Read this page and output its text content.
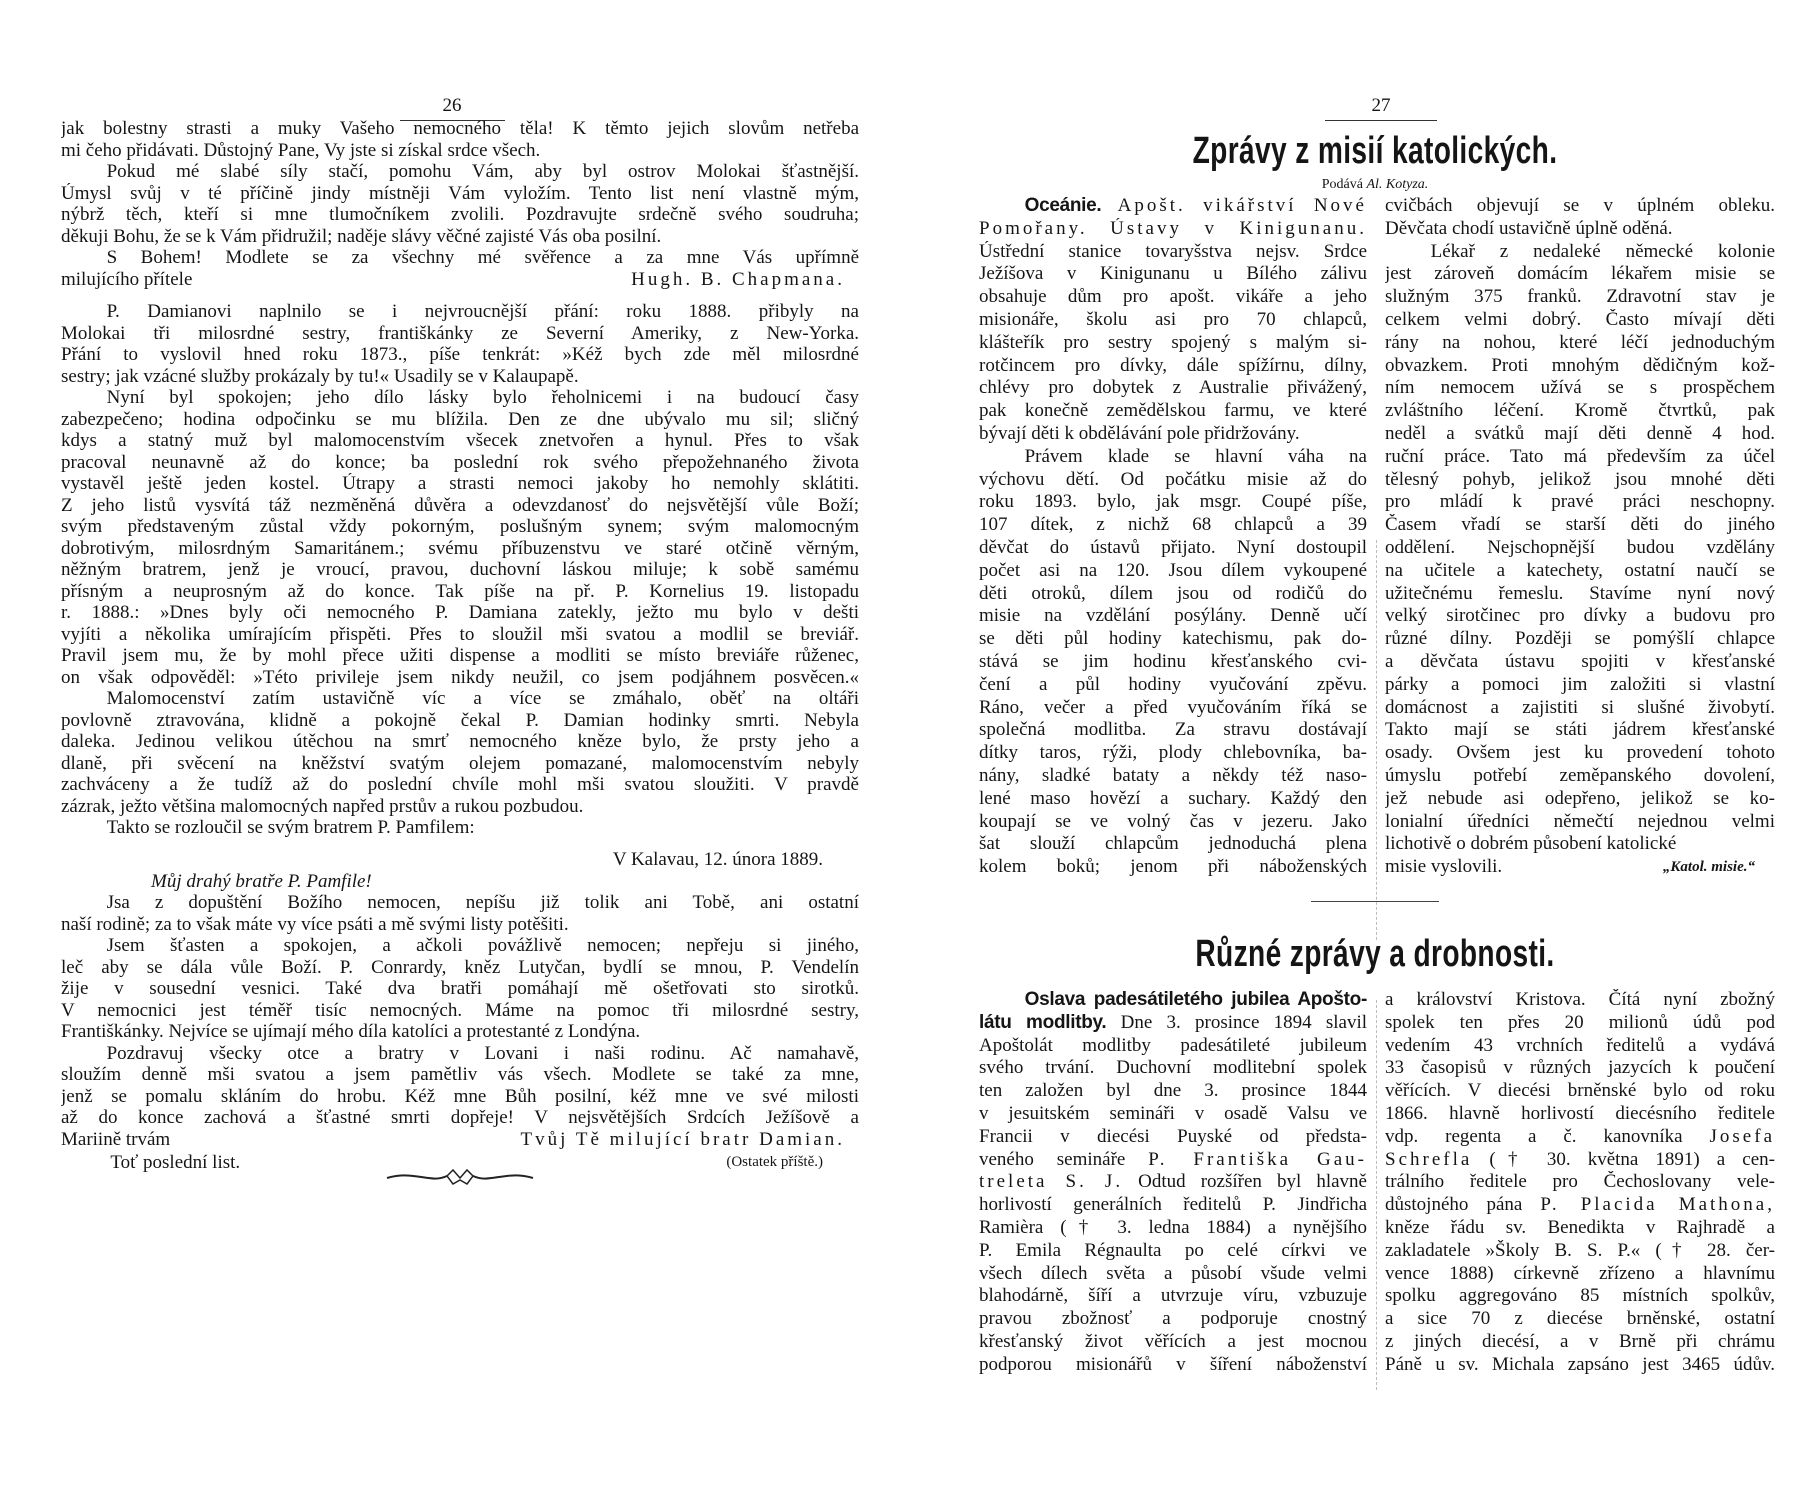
26
jak bolestny strasti a muky Vašeho nemocného těla! K těmto jejich slovům netřeba
mi čeho přidávati. Důstojný Pane, Vy jste si získal srdce všech.
Pokud mé slabé síly stačí, pomohu Vám, aby byl ostrov Molokai šťastnější.
Úmysl svůj v té příčině jindy místněji Vám vyložím. Tento list není vlastně mým,
nýbrž těch, kteří si mne tlumočníkem zvolili. Pozdravujte srdečně svého soudruha;
děkuji Bohu, že se k Vám přidružil; naděje slávy věčné zajisté Vás oba posilní.
S Bohem! Modlete se za všechny mé svěřence a za mne Vás upřímně
milujícího přítele	Hugh. B. Chapmana.
P. Damianovi naplnilo se i nejvroucnější přání: roku 1888. přibyly na
Molokai tři milosrdné sestry, františkánky ze Severní Ameriky, z New-Yorka.
Přání to vyslovil hned roku 1873., píše tenkrát: »Kéž bych zde měl milosrdné
sestry; jak vzácné služby prokázaly by tu!« Usadily se v Kalaupapě.
Nyní byl spokojen; jeho dílo lásky bylo řeholnicemi i na budoucí časy
zabezpečeno; hodina odpočinku se mu blížila. Den ze dne ubývalo mu sil; sličný
kdys a statný muž byl malomocenstvím všecek znetvořen a hynul. Přes to však
pracoval neunavně až do konce; ba poslední rok svého přepožehnaného života
vystavěl ještě jeden kostel. Útrapy a strasti nemoci jakoby ho nemohly sklátiti.
Z jeho listů vysvítá táž nezměněná důvěra a odevzdanosť do nejsvětější vůle Boží;
svým představeným zůstal vždy pokorným, poslušným synem; svým malomocným
dobrotivým, milosrdným Samaritánem.; svému příbuzenstvu ve staré otčině věrným,
něžným bratrem, jenž je vroucí, pravou, duchovní láskou miluje; k sobě samému
přísným a neuprosným až do konce. Tak píše na př. P. Kornelius 19. listopadu
r. 1888.: »Dnes byly oči nemocného P. Damiana zatekly, ježto mu bylo v dešti
vyjíti a několika umírajícím přispěti. Přes to sloužil mši svatou a modlil se breviář.
Pravil jsem mu, že by mohl přece užiti dispense a modliti se místo breviáře růženec,
on však odpověděl: »Této privileje jsem nikdy neužil, co jsem podjáhnem posvěcen.«
Malomocenství zatím ustavičně víc a více se zmáhalo, oběť na oltáři
povlovně ztravována, klidně a pokojně čekal P. Damian hodinky smrti. Nebyla
daleka. Jedinou velikou útěchou na smrť nemocného kněze bylo, že prsty jeho a
dlaně, při svěcení na kněžství svatým olejem pomazané, malomocenstvím nebyly
zachváceny a že tudíž až do poslední chvíle mohl mši svatou sloužiti. V pravdě
zázrak, ježto většina malomocných napřed prstův a rukou pozbudou.
Takto se rozloučil se svým bratrem P. Pamfilem:
V Kalavau, 12. února 1889.
Můj drahý bratře P. Pamfile!
Jsa z dopuštění Božího nemocen, nepíšu již tolik ani Tobě, ani ostatní
naší rodině; za to však máte vy více psáti a mě svými listy potěšiti.
Jsem šťasten a spokojen, a ačkoli povážlivě nemocen; nepřeju si jiného,
leč aby se dála vůle Boží. P. Conrardy, kněz Lutyčan, bydlí se mnou, P. Vendelín
žije v sousední vesnici. Také dva bratři pomáhají mě ošetřovati sto sirotků.
V nemocnici jest téměř tisíc nemocných. Máme na pomoc tři milosrdné sestry,
Františkánky. Nejvíce se ujímají mého díla katolíci a protestanté z Londýna.
Pozdravuj všecky otce a bratry v Lovani i naši rodinu. Ač namahavě,
sloužím denně mši svatou a jsem pamětliv vás všech. Modlete se také za mne,
jenž se pomalu skláním do hrobu. Kéž mne Bůh posilní, kéž mne ve své milosti
až do konce zachová a šťastné smrti dopřeje! V nejsvětějších Srdcích Ježíšově a
Mariině trvám	Tvůj Tě milující bratr Damian.
Toť poslední list.	(Ostatek příště.)
27
Zprávy z misií katolických.
Podává Al. Kotyza.
Oceánie. Apošt. vikářství Nové
Pomořany. Ústavy v Kinigunanu.
Ústřední stanice tovaryšstva nejsv. Srdce
Ježíšova v Kinigunanu u Bílého zálivu
obsahuje dům pro apošt. vikáře a jeho
misionáře, školu asi pro 70 chlapců,
klášteřík pro sestry spojený s malým si-
rotčincem pro dívky, dále spížírnu, dílny,
chlévy pro dobytek z Australie přivážený,
pak konečně zemědělskou farmu, ve které
bývají děti k obdělávání pole přidržovány.
Právem klade se hlavní váha na
výchovu dětí. Od počátku misie až do
roku 1893. bylo, jak msgr. Coupé píše,
107 dítek, z nichž 68 chlapců a 39
děvčat do ústavů přijato. Nyní dostoupil
počet asi na 120. Jsou dílem vykoupené
děti otroků, dílem jsou od rodičů do
misie na vzdělání posýlány. Denně učí
se děti půl hodiny katechismu, pak do-
stává se jim hodinu křesťanského cvi-
čení a půl hodiny vyučování zpěvu.
Ráno, večer a před vyučováním říká se
společná modlitba. Za stravu dostávají
dítky taros, rýži, plody chlebovníka, ba-
nány, sladké bataty a někdy též naso-
lené maso hovězí a suchary. Každý den
koupají se ve volný čas v jezeru. Jako
šat slouží chlapcům jednoduchá plena
kolem boků; jenom při náboženských
cvičbách objevují se v úplném obleku.
Děvčata chodí ustavičně úplně oděná.
Lékař z nedaleké německé kolonie
jest zároveň domácím lékařem misie se
služným 375 franků. Zdravotní stav je
celkem velmi dobrý. Často mívají děti
rány na nohou, které léčí jednoduchým
obvazkem. Proti mnohým dědičným kož-
ním nemocem užívá se s prospěchem
zvláštního léčení. Kromě čtvrtků, pak
neděl a svátků mají děti denně 4 hod.
ruční práce. Tato má především za účel
tělesný pohyb, jelikož jsou mnohé děti
pro mládí k pravé práci neschopny.
Časem vřadí se starší děti do jiného
oddělení. Nejschopnější budou vzdělány
na učitele a katechety, ostatní naučí se
užitečnému řemeslu. Stavíme nyní nový
velký sirotčinec pro dívky a budovu pro
různé dílny. Později se pomýšlí chlapce
a děvčata ústavu spojiti v křesťanské
párky a pomoci jim založiti si vlastní
domácnost a zajistiti si slušné živobytí.
Takto mají se státi jádrem křesťanské
osady. Ovšem jest ku provedení tohoto
úmyslu potřebí zeměpanského dovolení,
jež nebude asi odepřeno, jelikož se ko-
lonialní úředníci němečtí nejednou velmi
lichotivě o dobrém působení katolické
misie vyslovili.	„Katol. misie.“
Různé zprávy a drobnosti.
Oslava padesátiletého jubilea Apošto-
látu modlitby. Dne 3. prosince 1894 slavil
Apoštolát modlitby padesátileté jubileum
svého trvání. Duchovní modlitební spolek
ten založen byl dne 3. prosince 1844
v jesuitském semináři v osadě Valsu ve
Francii v diecési Puyské od předsta-
veného semináře P. Františka Gau-
treleta S. J. Odtud rozšířen byl hlavně
horlivostí generálních ředitelů P. Jindřicha
Ramièra († 3. ledna 1884) a nynějšího
P. Emila Régnaulta po celé církvi ve
všech dílech světa a působí všude velmi
blahodárně, šíří a utvrzuje víru, vzbuzuje
pravou zbožnosť a podporuje cnostný
křesťanský život věřících a jest mocnou
podporou misionářů v šíření náboženství
a království Kristova. Čítá nyní zbožný
spolek ten přes 20 milionů údů pod
vedením 43 vrchních ředitelů a vydává
33 časopisů v různých jazycích k poučení
věřících. V diecési brněnské bylo od roku
1866. hlavně horlivostí diecésního ředitele
vdp. regenta a č. kanovníka Josefa
Schrefla († 30. května 1891) a cen-
trálního ředitele pro Čechoslovany vele-
důstojného pána P. Placida Mathona,
kněze řádu sv. Benedikta v Rajhradě a
zakladatele »Školy B. S. P.« († 28. čer-
vence 1888) církevně zřízeno a hlavnímu
spolku aggregováno 85 místních spolkův,
a sice 70 z diecése brněnské, ostatní
z jiných diecésí, a v Brně při chrámu
Páně u sv. Michala zapsáno jest 3465 údův.
